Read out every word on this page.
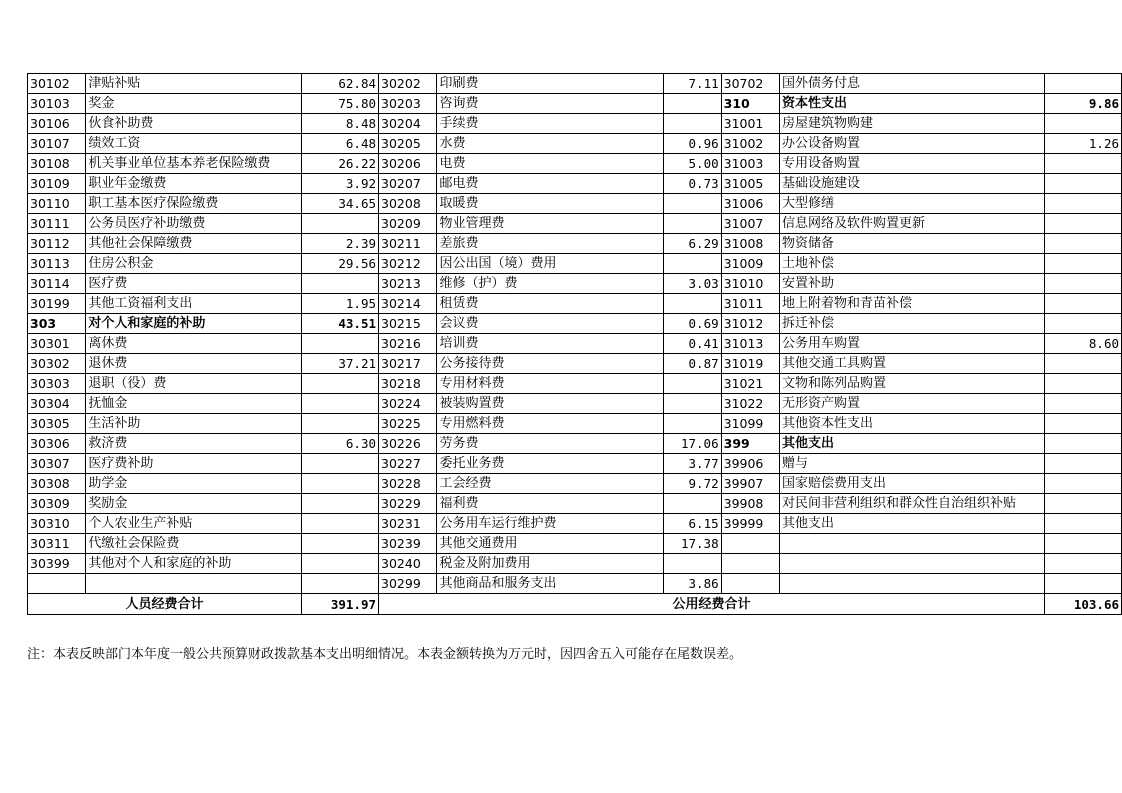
30102	津贴补贴	62.84	30202	印刷费	7.11	30702	国外债务付息	
30103	奖金	75.80	30203	咨询费		310	资本性支出	9.86
30106	伙食补助费	8.48	30204	手续费		31001	房屋建筑物购建	
30107	绩效工资	6.48	30205	水费	0.96	31002	办公设备购置	1.26
30108	机关事业单位基本养老保险缴费	26.22	30206	电费	5.00	31003	专用设备购置	
30109	职业年金缴费	3.92	30207	邮电费	0.73	31005	基础设施建设	
30110	职工基本医疗保险缴费	34.65	30208	取暖费		31006	大型修缮	
30111	公务员医疗补助缴费		30209	物业管理费		31007	信息网络及软件购置更新	
30112	其他社会保障缴费	2.39	30211	差旅费	6.29	31008	物资储备	
30113	住房公积金	29.56	30212	因公出国（境）费用		31009	土地补偿	
30114	医疗费		30213	维修（护）费	3.03	31010	安置补助	
30199	其他工资福利支出	1.95	30214	租赁费		31011	地上附着物和青苗补偿	
303	对个人和家庭的补助	43.51	30215	会议费	0.69	31012	拆迁补偿	
30301	离休费		30216	培训费	0.41	31013	公务用车购置	8.60
30302	退休费	37.21	30217	公务接待费	0.87	31019	其他交通工具购置	
30303	退职（役）费		30218	专用材料费		31021	文物和陈列品购置	
30304	抚恤金		30224	被装购置费		31022	无形资产购置	
30305	生活补助		30225	专用燃料费		31099	其他资本性支出	
30306	救济费	6.30	30226	劳务费	17.06	399	其他支出	
30307	医疗费补助		30227	委托业务费	3.77	39906	赠与	
30308	助学金		30228	工会经费	9.72	39907	国家赔偿费用支出	
30309	奖励金		30229	福利费		39908	对民间非营利组织和群众性自治组织补贴	
30310	个人农业生产补贴		30231	公务用车运行维护费	6.15	39999	其他支出	
30311	代缴社会保险费		30239	其他交通费用	17.38			
30399	其他对个人和家庭的补助		30240	税金及附加费用				
			30299	其他商品和服务支出	3.86			
人员经费合计		391.97	公用经费合计					103.66
注：本表反映部门本年度一般公共预算财政拨款基本支出明细情况。本表金额转换为万元时，因四舍五入可能存在尾数误差。
